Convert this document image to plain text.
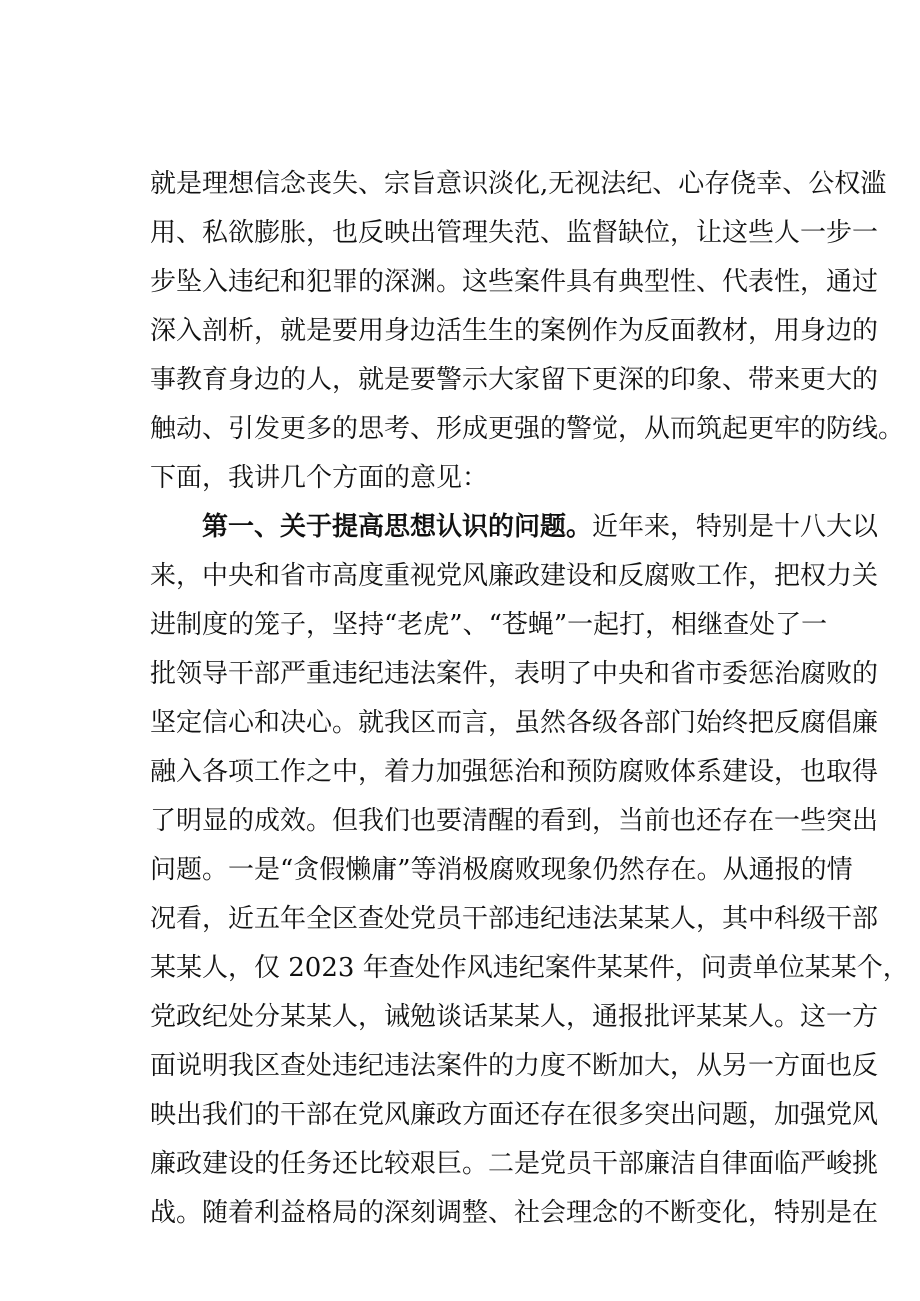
就是理想信念丧失、宗旨意识淡化,无视法纪、心存侥幸、公权滥
用、私欲膨胀，也反映出管理失范、监督缺位，让这些人一步一
步坠入违纪和犯罪的深渊。这些案件具有典型性、代表性，通过
深入剖析，就是要用身边活生生的案例作为反面教材，用身边的
事教育身边的人，就是要警示大家留下更深的印象、带来更大的
触动、引发更多的思考、形成更强的警觉，从而筑起更牢的防线。
下面，我讲几个方面的意见：
第一、关于提高思想认识的问题。近年来，特别是十八大以
来，中央和省市高度重视党风廉政建设和反腐败工作，把权力关
进制度的笼子，坚持“老虎”、“苍蝇”一起打，相继查处了一
批领导干部严重违纪违法案件，表明了中央和省市委惩治腐败的
坚定信心和决心。就我区而言，虽然各级各部门始终把反腐倡廉
融入各项工作之中，着力加强惩治和预防腐败体系建设，也取得
了明显的成效。但我们也要清醒的看到，当前也还存在一些突出
问题。一是“贪假懒庸”等消极腐败现象仍然存在。从通报的情
况看，近五年全区查处党员干部违纪违法某某人，其中科级干部
某某人，仅 2023 年查处作风违纪案件某某件，问责单位某某个，
党政纪处分某某人，诫勉谈话某某人，通报批评某某人。这一方
面说明我区查处违纪违法案件的力度不断加大，从另一方面也反
映出我们的干部在党风廉政方面还存在很多突出问题，加强党风
廉政建设的任务还比较艰巨。二是党员干部廉洁自律面临严峻挑
战。随着利益格局的深刻调整、社会理念的不断变化，特别是在
